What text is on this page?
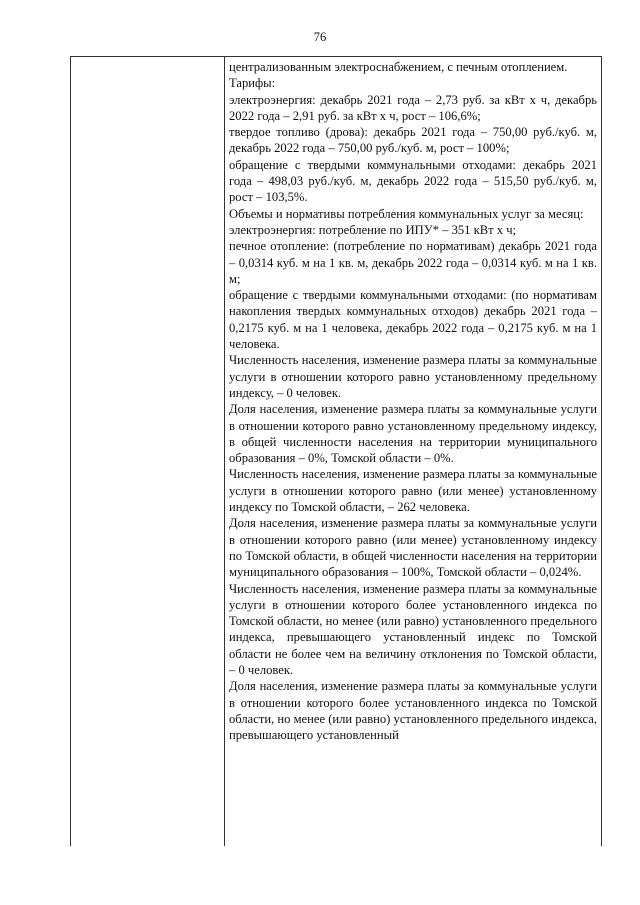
76

централизованным электроснабжением, с печным отоплением.

Тарифы:

электроэнергия: декабрь 2021 года – 2,73 руб. за кВт х ч, декабрь 2022 года – 2,91 руб. за кВт х ч, рост – 106,6%;

твердое топливо (дрова): декабрь 2021 года – 750,00 руб./куб. м, декабрь 2022 года – 750,00 руб./куб. м, рост – 100%;

обращение с твердыми коммунальными отходами: декабрь 2021 года – 498,03 руб./куб. м, декабрь 2022 года – 515,50 руб./куб. м, рост – 103,5%.

Объемы и нормативы потребления коммунальных услуг за месяц:

электроэнергия: потребление по ИПУ* – 351 кВт х ч;

печное отопление: (потребление по нормативам) декабрь 2021 года – 0,0314 куб. м на 1 кв. м, декабрь 2022 года – 0,0314 куб. м на 1 кв. м;

обращение с твердыми коммунальными отходами: (по нормативам накопления твердых коммунальных отходов) декабрь 2021 года – 0,2175 куб. м на 1 человека, декабрь 2022 года – 0,2175 куб. м на 1 человека.

Численность населения, изменение размера платы за коммунальные услуги в отношении которого равно установленному предельному индексу, – 0 человек.

Доля населения, изменение размера платы за коммунальные услуги в отношении которого равно установленному предельному индексу, в общей численности населения на территории муниципального образования – 0%, Томской области – 0%.

Численность населения, изменение размера платы за коммунальные услуги в отношении которого равно (или менее) установленному индексу по Томской области, – 262 человека.

Доля населения, изменение размера платы за коммунальные услуги в отношении которого равно (или менее) установленному индексу по Томской области, в общей численности населения на территории муниципального образования – 100%, Томской области – 0,024%.

Численность населения, изменение размера платы за коммунальные услуги в отношении которого более установленного индекса по Томской области, но менее (или равно) установленного предельного индекса, превышающего установленный индекс по Томской области не более чем на величину отклонения по Томской области, – 0 человек.

Доля населения, изменение размера платы за коммунальные услуги в отношении которого более установленного индекса по Томской области, но менее (или равно) установленного предельного индекса, превышающего установленный
